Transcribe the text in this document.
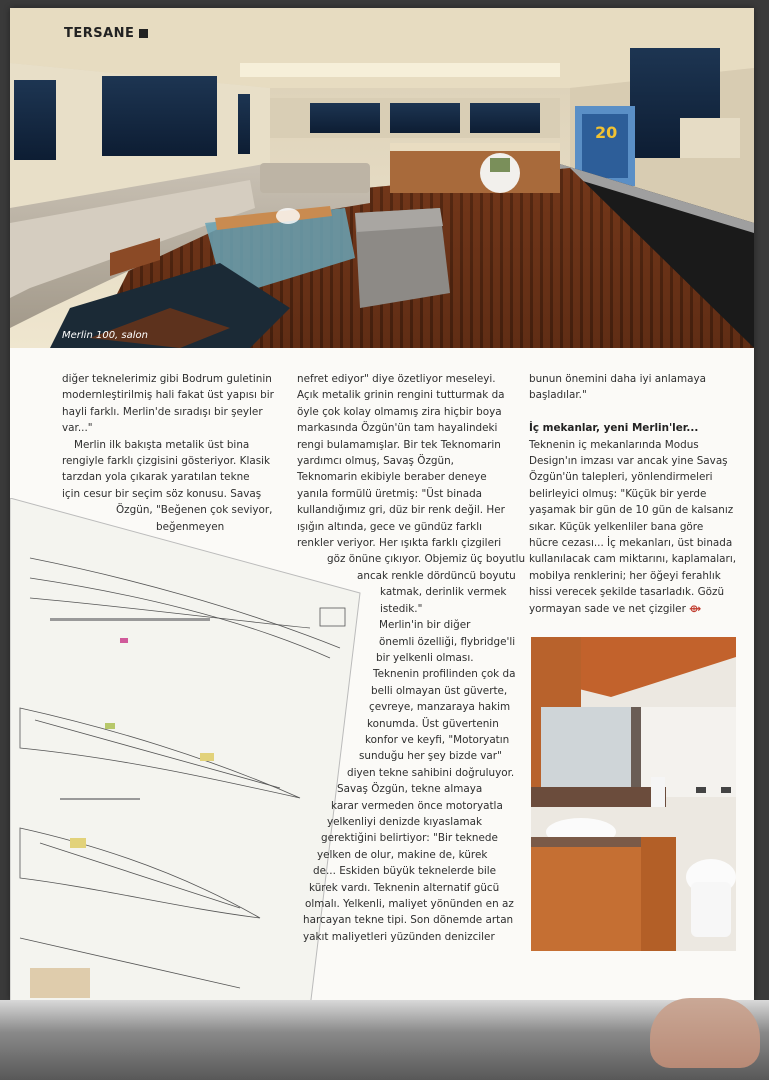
20
TERSANE
Merlin 100, salon
diğer teknelerimiz gibi Bodrum guletinin
modernleştirilmiş hali fakat üst yapısı bir
hayli farklı. Merlin'de sıradışı bir şeyler
var..."
Merlin ilk bakışta metalik üst bina
rengiyle farklı çizgisini gösteriyor. Klasik
tarzdan yola çıkarak yaratılan tekne
için cesur bir seçim söz konusu. Savaş
Özgün, "Beğenen çok seviyor,
beğenmeyen
nefret ediyor" diye özetliyor meseleyi.
Açık metalik grinin rengini tutturmak da
öyle çok kolay olmamış zira hiçbir boya
markasında Özgün'ün tam hayalindeki
rengi bulamamışlar. Bir tek Teknomarin
yardımcı olmuş, Savaş Özgün,
Teknomarin ekibiyle beraber deneye
yanıla formülü üretmiş: "Üst binada
kullandığımız gri, düz bir renk değil. Her
ışığın altında, gece ve gündüz farklı
renkler veriyor. Her ışıkta farklı çizgileri
göz önüne çıkıyor. Objemiz üç boyutlu
ancak renkle dördüncü boyutu
katmak, derinlik vermek
istedik."
Merlin'in bir diğer
önemli özelliği, flybridge'li
bir yelkenli olması.
Teknenin profilinden çok da
belli olmayan üst güverte,
çevreye, manzaraya hakim
konumda. Üst güvertenin
konfor ve keyfi, "Motoryatın
sunduğu her şey bizde var"
diyen tekne sahibini doğruluyor.
Savaş Özgün, tekne almaya
karar vermeden önce motoryatla
yelkenliyi denizde kıyaslamak
gerektiğini belirtiyor: "Bir teknede
yelken de olur, makine de, kürek
de... Eskiden büyük teknelerde bile
kürek vardı. Teknenin alternatif gücü
olmalı. Yelkenli, maliyet yönünden en az
harcayan tekne tipi. Son dönemde artan
yakıt maliyetleri yüzünden denizciler
bunun önemini daha iyi anlamaya
başladılar."

İç mekanlar, yeni Merlin'ler...
Teknenin iç mekanlarında Modus
Design'ın imzası var ancak yine Savaş
Özgün'ün talepleri, yönlendirmeleri
belirleyici olmuş: "Küçük bir yerde
yaşamak bir gün de 10 gün de kalsanız
sıkar. Küçük yelkenliler bana göre
hücre cezası... İç mekanları, üst binada
kullanılacak cam miktarını, kaplamaları,
mobilya renklerini; her öğeyi ferahlık
hissi verecek şekilde tasarladık. Gözü
yormayan sade ve net çizgiler ⟴
